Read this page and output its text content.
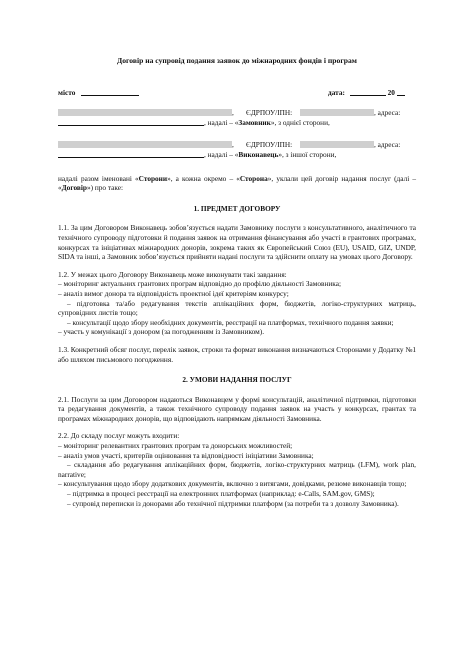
Договір на супровід подання заявок до міжнародних фондів і програм
місто	дата:	20
, ЄДРПОУ/ІПН:	, адреса:
, надалі – «Замовник», з однієї сторони,
, ЄДРПОУ/ІПН:	, адреса:
, надалі – «Виконавець», з іншої сторони,

надалі разом іменовані «Сторони», а кожна окремо – «Сторона», уклали цей договір надання послуг (далі – «Договір») про таке:

1. ПРЕДМЕТ ДОГОВОРУ

1.1. За цим Договором Виконавець зобов’язується надати Замовнику послуги з консультативного, аналітичного та технічного супроводу підготовки й подання заявок на отримання фінансування або участі в грантових програмах, конкурсах та ініціативах міжнародних донорів, зокрема таких як Європейський Союз (EU), USAID, GIZ, UNDP, SIDA та інші, а Замовник зобов’язується прийняти надані послуги та здійснити оплату на умовах цього Договору.

1.2. У межах цього Договору Виконавець може виконувати такі завдання:

– моніторинг актуальних грантових програм відповідно до профілю діяльності Замовника;

– аналіз вимог донора та відповідність проектної ідеї критеріям конкурсу;

– підготовка та/або редагування текстів аплікаційних форм, бюджетів, логіко-структурних матриць, супровідних листів тощо;

– консультації щодо збору необхідних документів, реєстрації на платформах, технічного подання заявки;

– участь у комунікації з донором (за погодженням із Замовником).

1.3. Конкретний обсяг послуг, перелік заявок, строки та формат виконання визначаються Сторонами у Додатку №1 або шляхом письмового погодження.

2. УМОВИ НАДАННЯ ПОСЛУГ

2.1. Послуги за цим Договором надаються Виконавцем у формі консультацій, аналітичної підтримки, підготовки та редагування документів, а також технічного супроводу подання заявок на участь у конкурсах, грантах та програмах міжнародних донорів, що відповідають напрямкам діяльності Замовника.

2.2. До складу послуг можуть входити:

– моніторинг релевантних грантових програм та донорських можливостей;

– аналіз умов участі, критеріїв оцінювання та відповідності ініціативи Замовника;

– складання або редагування аплікаційних форм, бюджетів, логіко-структурних матриць (LFM), work plan, narrative;

– консультування щодо збору додаткових документів, включно з витягами, довідками, резюме виконавців тощо;

– підтримка в процесі реєстрації на електронних платформах (наприклад: e-Calls, SAM.gov, GMS);

– супровід переписки із донорами або технічної підтримки платформ (за потреби та з дозволу Замовника).
